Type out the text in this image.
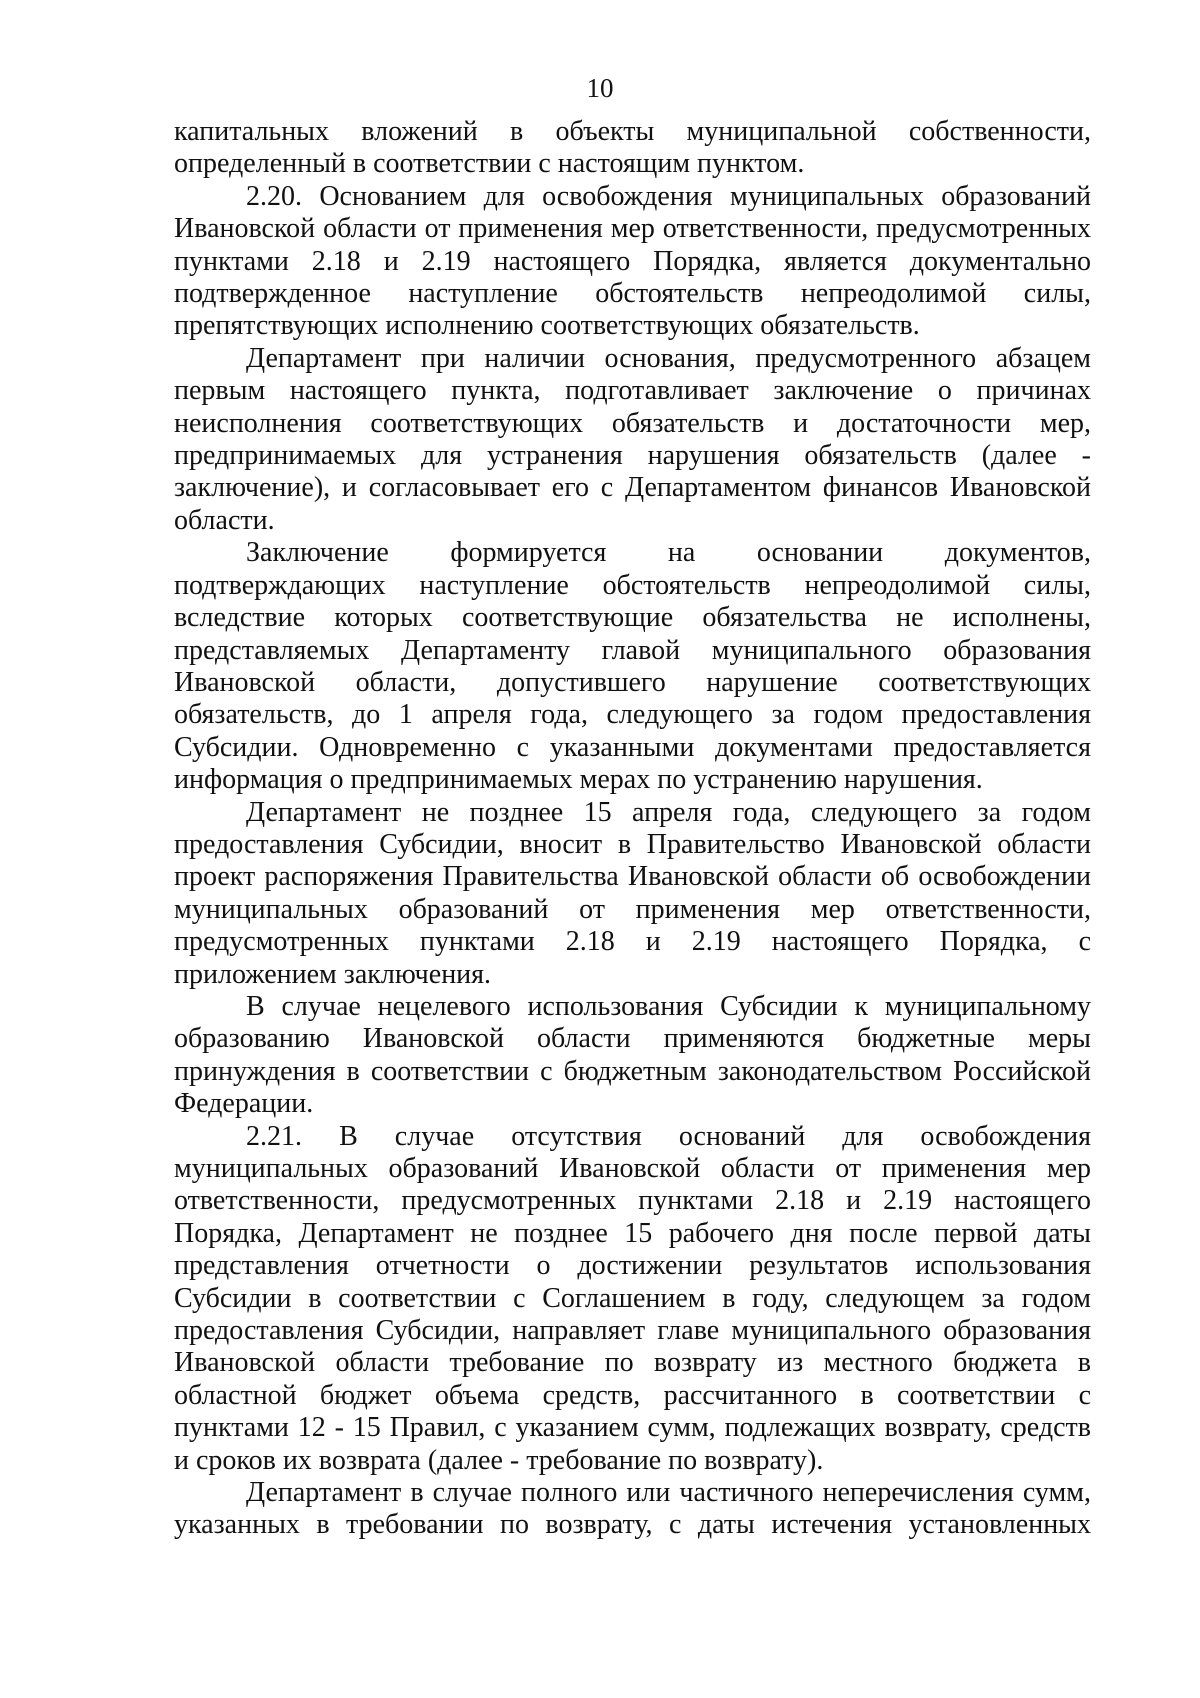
10

капитальных вложений в объекты муниципальной собственности, определенный в соответствии с настоящим пунктом.

2.20. Основанием для освобождения муниципальных образований Ивановской области от применения мер ответственности, предусмотренных пунктами 2.18 и 2.19 настоящего Порядка, является документально подтвержденное наступление обстоятельств непреодолимой силы, препятствующих исполнению соответствующих обязательств.

Департамент при наличии основания, предусмотренного абзацем первым настоящего пункта, подготавливает заключение о причинах неисполнения соответствующих обязательств и достаточности мер, предпринимаемых для устранения нарушения обязательств (далее - заключение), и согласовывает его с Департаментом финансов Ивановской области.

Заключение формируется на основании документов, подтверждающих наступление обстоятельств непреодолимой силы, вследствие которых соответствующие обязательства не исполнены, представляемых Департаменту главой муниципального образования Ивановской области, допустившего нарушение соответствующих обязательств, до 1 апреля года, следующего за годом предоставления Субсидии. Одновременно с указанными документами предоставляется информация о предпринимаемых мерах по устранению нарушения.

Департамент не позднее 15 апреля года, следующего за годом предоставления Субсидии, вносит в Правительство Ивановской области проект распоряжения Правительства Ивановской области об освобождении муниципальных образований от применения мер ответственности, предусмотренных пунктами 2.18 и 2.19 настоящего Порядка, с приложением заключения.

В случае нецелевого использования Субсидии к муниципальному образованию Ивановской области применяются бюджетные меры принуждения в соответствии с бюджетным законодательством Российской Федерации.

2.21. В случае отсутствия оснований для освобождения муниципальных образований Ивановской области от применения мер ответственности, предусмотренных пунктами 2.18 и 2.19 настоящего Порядка, Департамент не позднее 15 рабочего дня после первой даты представления отчетности о достижении результатов использования Субсидии в соответствии с Соглашением в году, следующем за годом предоставления Субсидии, направляет главе муниципального образования Ивановской области требование по возврату из местного бюджета в областной бюджет объема средств, рассчитанного в соответствии с пунктами 12 - 15 Правил, с указанием сумм, подлежащих возврату, средств и сроков их возврата (далее - требование по возврату).

Департамент в случае полного или частичного неперечисления сумм, указанных в требовании по возврату, с даты истечения установленных
